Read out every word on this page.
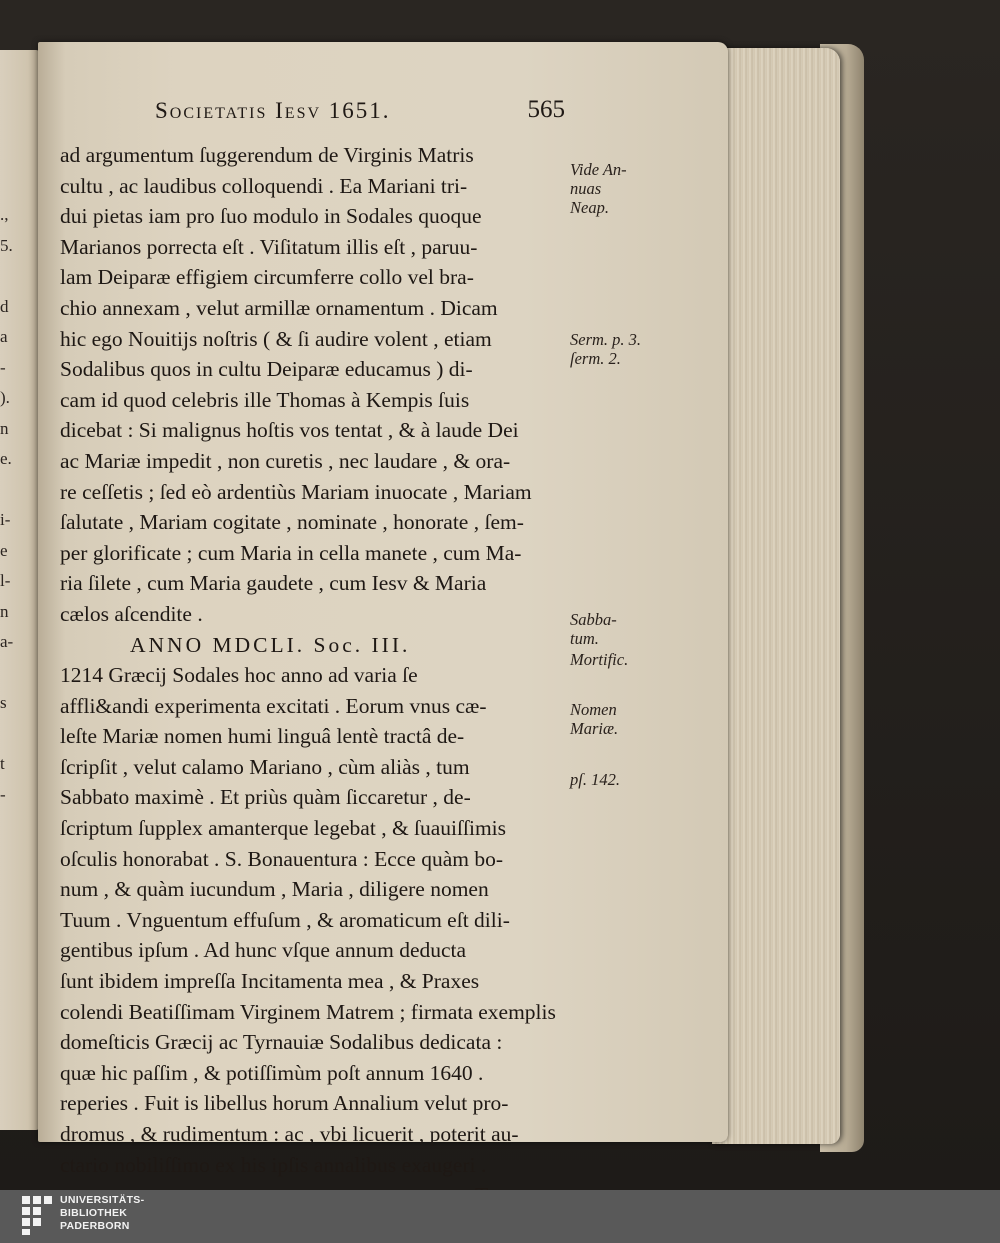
.,
5.
d
a
-
).
n
e.
i-
e
l-
n
a-
s
t
-
Societatis Iesv 1651.	565
ad argumentum ſuggerendum de Virginis Matris
cultu , ac laudibus colloquendi . Ea Mariani tri-
dui pietas iam pro ſuo modulo in Sodales quoque
Marianos porrecta eſt . Viſitatum illis eſt , paruu-
lam Deiparæ effigiem circumferre collo vel bra-
chio annexam , velut armillæ ornamentum . Dicam
hic ego Nouitijs noſtris ( & ſi audire volent , etiam
Sodalibus quos in cultu Deiparæ educamus ) di-
cam id quod celebris ille Thomas à Kempis ſuis
dicebat : Si malignus hoſtis vos tentat , & à laude Dei
ac Mariæ impedit , non curetis , nec laudare , & ora-
re ceſſetis ; ſed eò ardentiùs Mariam inuocate , Mariam
ſalutate , Mariam cogitate , nominate , honorate , ſem-
per glorificate ; cum Maria in cella manete , cum Ma-
ria ſilete , cum Maria gaudete , cum Iesv & Maria
cælos aſcendite .
ANNO MDCLI. Soc. III.
1214 Græcij Sodales hoc anno ad varia ſe
affli&andi experimenta excitati . Eorum vnus cæ-
leſte Mariæ nomen humi linguâ lentè tractâ de-
ſcripſit , velut calamo Mariano , cùm aliàs , tum
Sabbato maximè . Et priùs quàm ſiccaretur , de-
ſcriptum ſupplex amanterque legebat , & ſuauiſſimis
oſculis honorabat . S. Bonauentura : Ecce quàm bo-
num , & quàm iucundum , Maria , diligere nomen
Tuum . Vnguentum effuſum , & aromaticum eſt dili-
gentibus ipſum . Ad hunc vſque annum deducta
ſunt ibidem impreſſa Incitamenta mea , & Praxes
colendi Beatiſſimam Virginem Matrem ; firmata exemplis
domeſticis Græcij ac Tyrnauiæ Sodalibus dedicata :
quæ hic paſſim , & potiſſimùm poſt annum 1640 .
reperies . Fuit is libellus horum Annalium velut pro-
dromus , & rudimentum : ac , vbi licuerit , poterit au-
ctario nobiliſſimo ex his ipſis annalibus exaugeri .
Vide An-
nuas
Neap.
Serm. p. 3.
ſerm. 2.
Sabba-
tum.
Mortific.
Nomen
Mariæ.
pſ. 142.
UNIVERSITÄTS-
BIBLIOTHEK
PADERBORN
